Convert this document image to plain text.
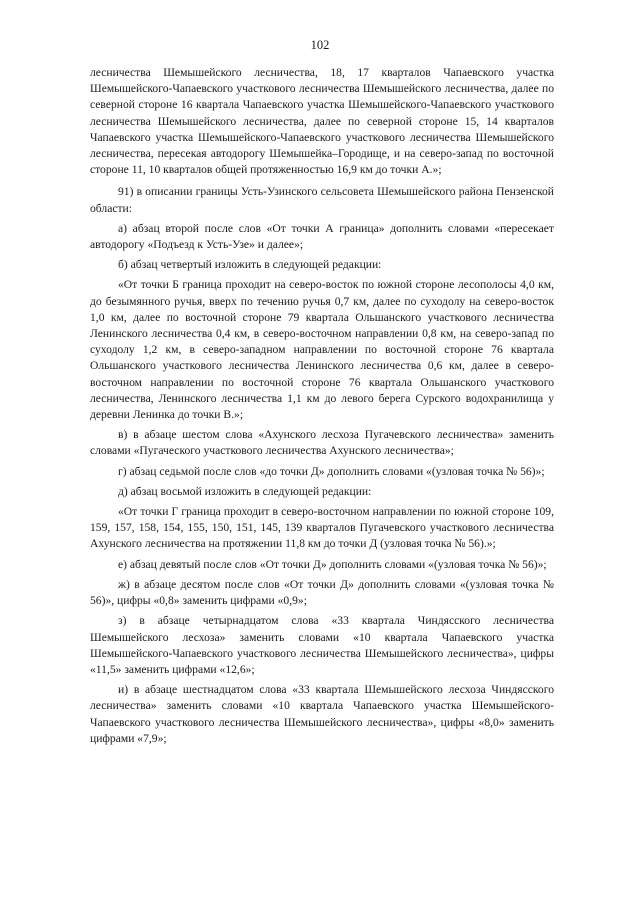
102

лесничества Шемышейского лесничества, 18, 17 кварталов Чапаевского участка Шемышейского-Чапаевского участкового лесничества Шемышейского лесничества, далее по северной стороне 16 квартала Чапаевского участка Шемышейского-Чапаевского участкового лесничества Шемышейского лесничества, далее по северной стороне 15, 14 кварталов Чапаевского участка Шемышейского-Чапаевского участкового лесничества Шемышейского лесничества, пересекая автодорогу Шемышейка–Городище, и на северо-запад по восточной стороне 11, 10 кварталов общей протяженностью 16,9 км до точки А.»;

91) в описании границы Усть-Узинского сельсовета Шемышейского района Пензенской области:

а) абзац второй после слов «От точки А граница» дополнить словами «пересекает автодорогу «Подъезд к Усть-Узе» и далее»;

б) абзац четвертый изложить в следующей редакции:

«От точки Б граница проходит на северо-восток по южной стороне лесополосы 4,0 км, до безымянного ручья, вверх по течению ручья 0,7 км, далее по суходолу на северо-восток 1,0 км, далее по восточной стороне 79 квартала Ольшанского участкового лесничества Ленинского лесничества 0,4 км, в северо-восточном направлении 0,8 км, на северо-запад по суходолу 1,2 км, в северо-западном направлении по восточной стороне 76 квартала Ольшанского участкового лесничества Ленинского лесничества 0,6 км, далее в северо-восточном направлении по восточной стороне 76 квартала Ольшанского участкового лесничества, Ленинского лесничества 1,1 км до левого берега Сурского водохранилища у деревни Ленинка до точки В.»;

в) в абзаце шестом слова «Ахунского лесхоза Пугачевского лесничества» заменить словами «Пугаческого участкового лесничества Ахунского лесничества»;

г) абзац седьмой после слов «до точки Д» дополнить словами «(узловая точка № 56)»;

д) абзац восьмой изложить в следующей редакции:

«От точки Г граница проходит в северо-восточном направлении по южной стороне 109, 159, 157, 158, 154, 155, 150, 151, 145, 139 кварталов Пугачевского участкового лесничества Ахунского лесничества на протяжении 11,8 км до точки Д (узловая точка № 56).»;

е) абзац девятый после слов «От точки Д» дополнить словами «(узловая точка № 56)»;

ж) в абзаце десятом после слов «От точки Д» дополнить словами «(узловая точка № 56)», цифры «0,8» заменить цифрами «0,9»;

з) в абзаце четырнадцатом слова «33 квартала Чиндясского лесничества Шемышейского лесхоза» заменить словами «10 квартала Чапаевского участка Шемышейского-Чапаевского участкового лесничества Шемышейского лесничества», цифры «11,5» заменить цифрами «12,6»;

и) в абзаце шестнадцатом слова «33 квартала Шемышейского лесхоза Чиндясского лесничества» заменить словами «10 квартала Чапаевского участка Шемышейского-Чапаевского участкового лесничества Шемышейского лесничества», цифры «8,0» заменить цифрами «7,9»;
